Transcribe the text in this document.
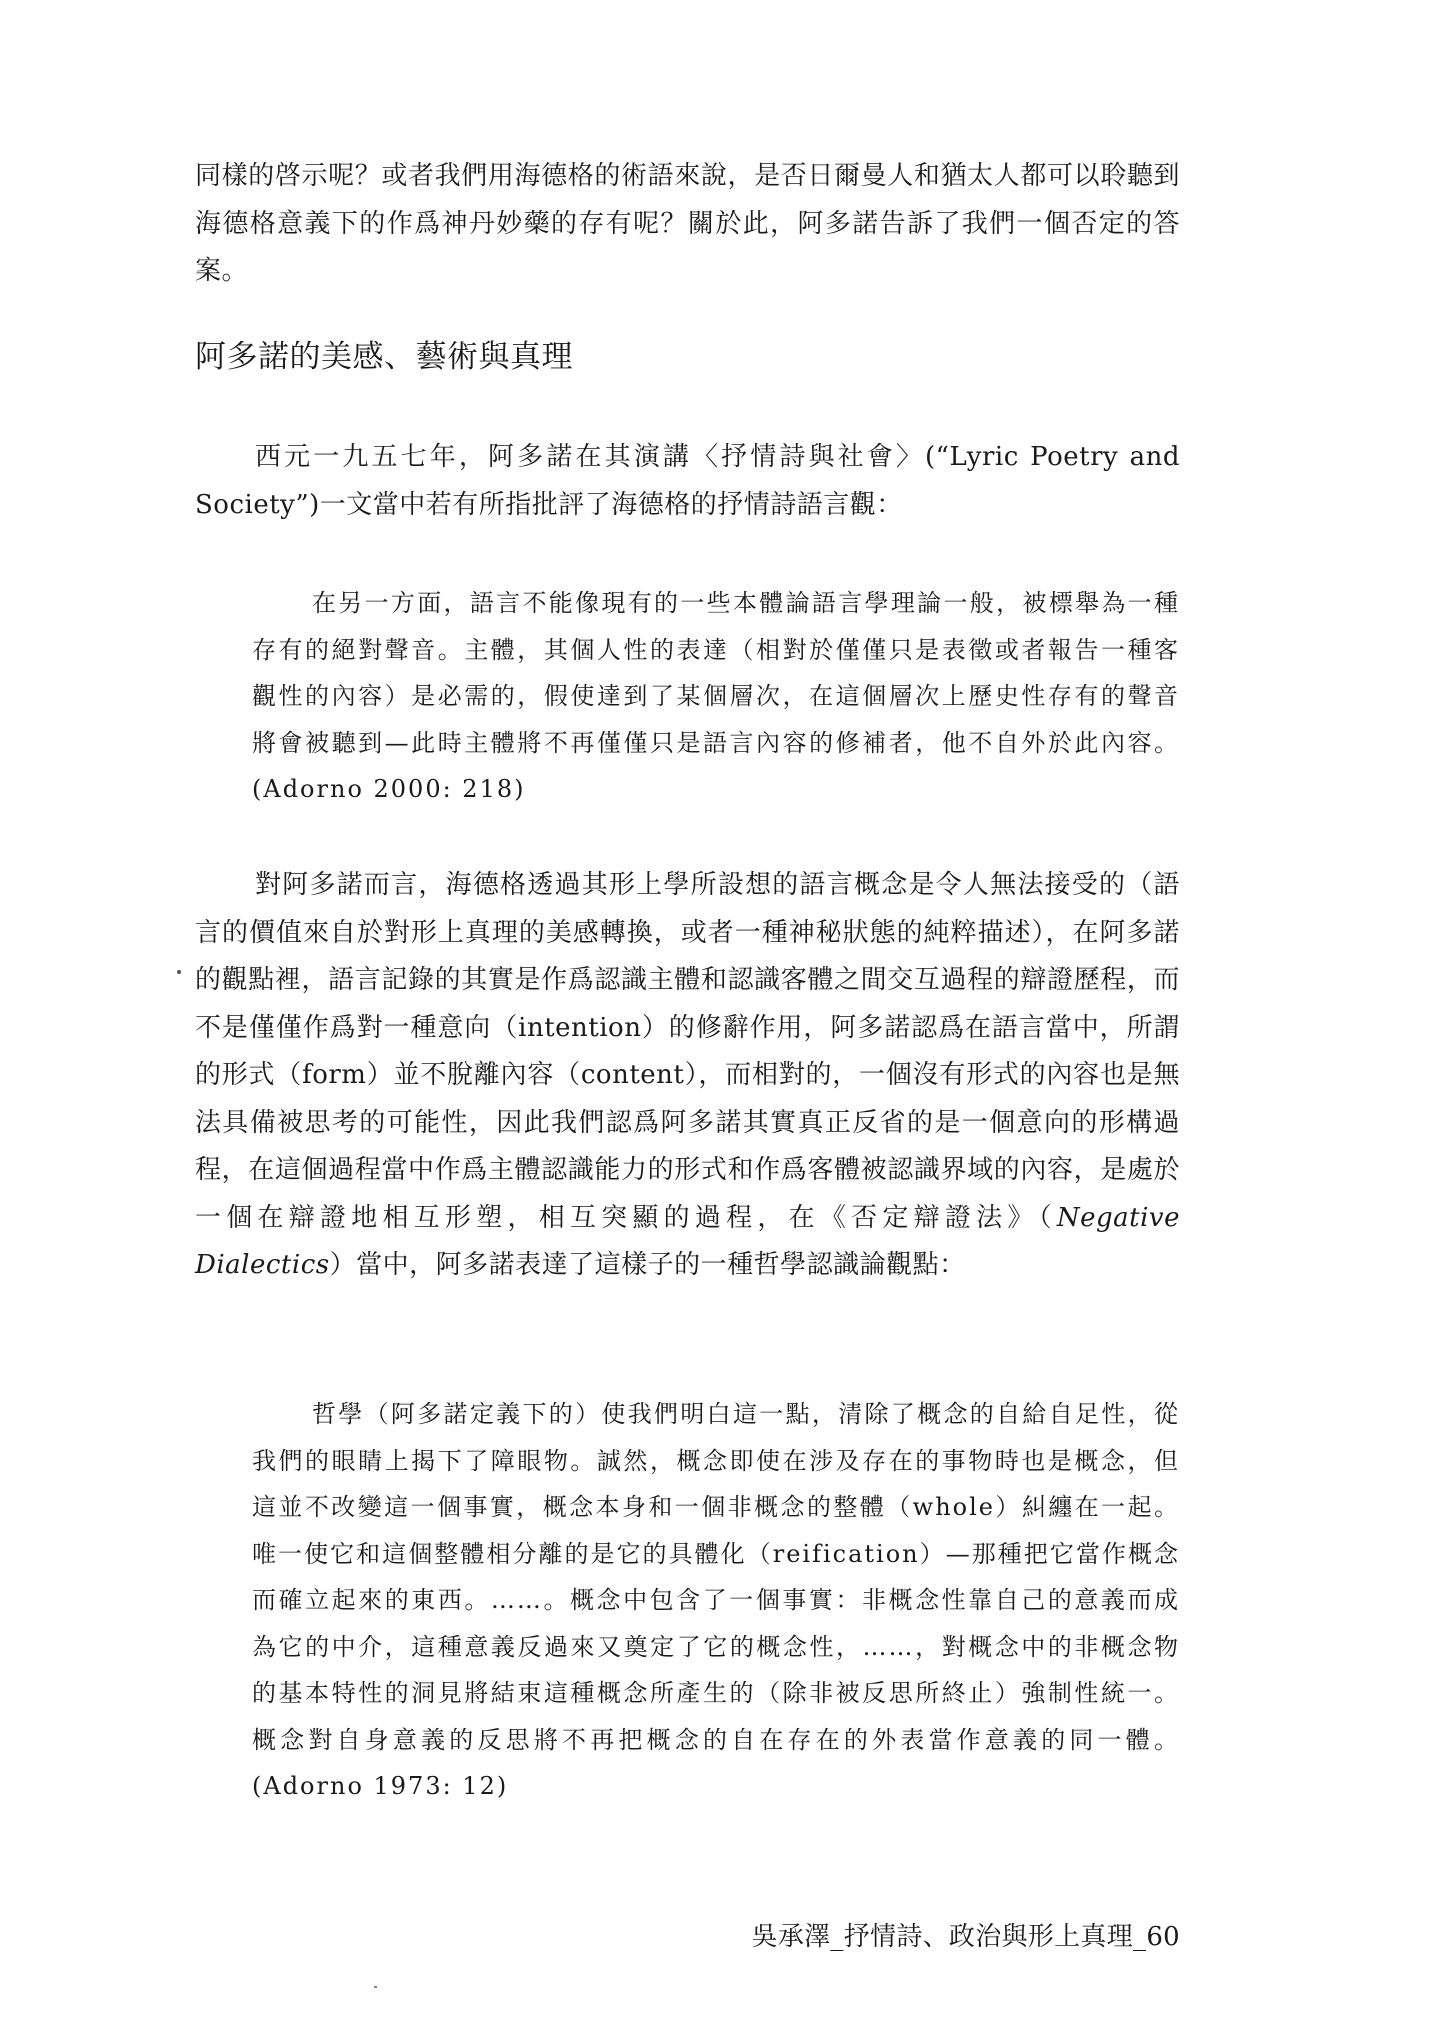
同樣的啓示呢？或者我們用海德格的術語來說，是否日爾曼人和猶太人都可以聆聽到海德格意義下的作爲神丹妙藥的存有呢？關於此，阿多諾告訴了我們一個否定的答案。

阿多諾的美感、藝術與真理

西元一九五七年，阿多諾在其演講〈抒情詩與社會〉(“Lyric Poetry and Society”)一文當中若有所指批評了海德格的抒情詩語言觀：

在另一方面，語言不能像現有的一些本體論語言學理論一般，被標舉為一種存有的絕對聲音。主體，其個人性的表達（相對於僅僅只是表徵或者報告一種客觀性的內容）是必需的，假使達到了某個層次，在這個層次上歷史性存有的聲音將會被聽到—此時主體將不再僅僅只是語言內容的修補者，他不自外於此內容。 (Adorno 2000: 218)

對阿多諾而言，海德格透過其形上學所設想的語言概念是令人無法接受的（語言的價值來自於對形上真理的美感轉換，或者一種神秘狀態的純粹描述），在阿多諾的觀點裡，語言記錄的其實是作爲認識主體和認識客體之間交互過程的辯證歷程，而不是僅僅作爲對一種意向（intention）的修辭作用，阿多諾認爲在語言當中，所謂的形式（form）並不脫離內容（content），而相對的，一個沒有形式的內容也是無法具備被思考的可能性，因此我們認爲阿多諾其實真正反省的是一個意向的形構過程，在這個過程當中作爲主體認識能力的形式和作爲客體被認識界域的內容，是處於一個在辯證地相互形塑，相互突顯的過程，在《否定辯證法》（Negative Dialectics）當中，阿多諾表達了這樣子的一種哲學認識論觀點：

哲學（阿多諾定義下的）使我們明白這一點，清除了概念的自給自足性，從我們的眼睛上揭下了障眼物。誠然，概念即使在涉及存在的事物時也是概念，但這並不改變這一個事實，概念本身和一個非概念的整體（whole）糾纏在一起。唯一使它和這個整體相分離的是它的具體化（reification）—那種把它當作概念而確立起來的東西。……。概念中包含了一個事實：非概念性靠自己的意義而成為它的中介，這種意義反過來又奠定了它的概念性，……，對概念中的非概念物的基本特性的洞見將結束這種概念所產生的（除非被反思所終止）強制性統一。概念對自身意義的反思將不再把概念的自在存在的外表當作意義的同一體。 (Adorno 1973: 12)

吳承澤_抒情詩、政治與形上真理_60
